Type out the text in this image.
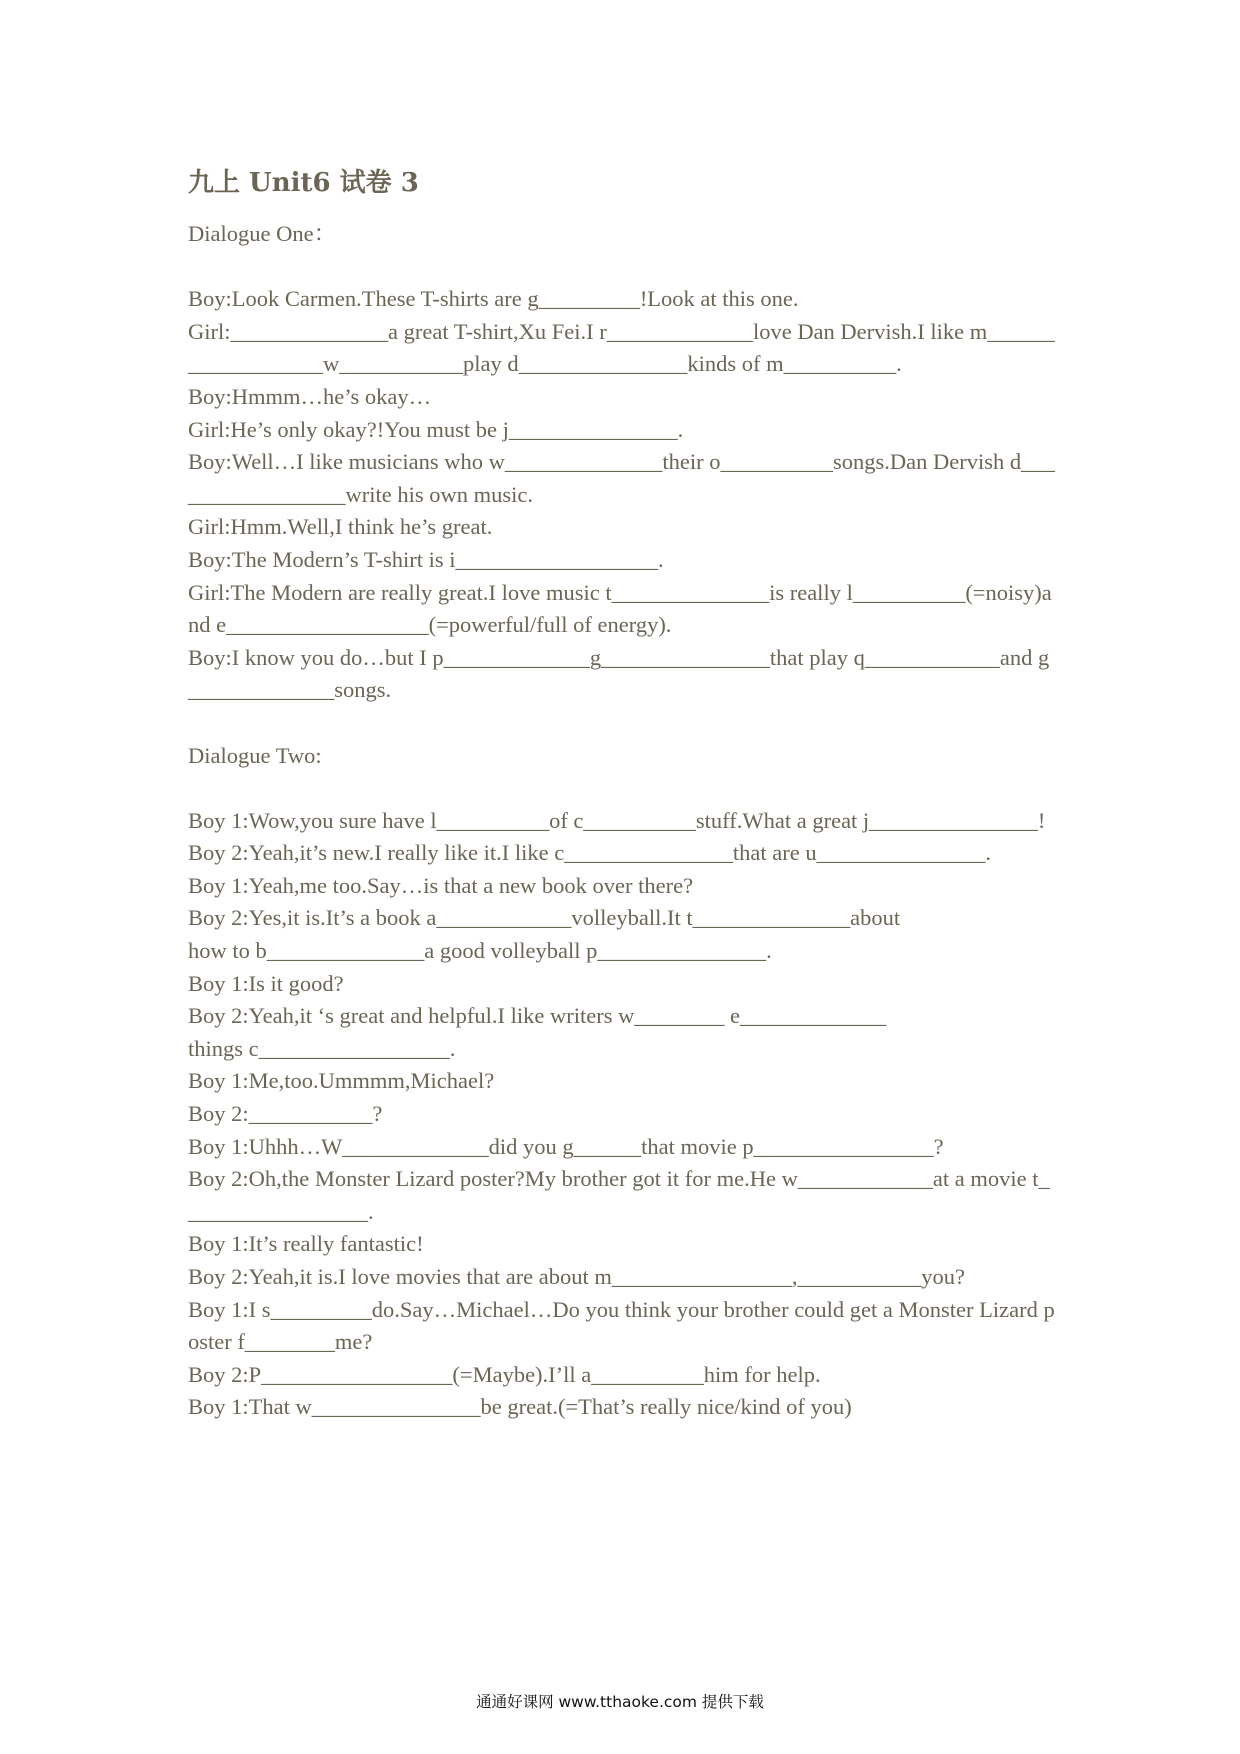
九上 Unit6 试卷 3

Dialogue One：

Boy:Look Carmen.These T-shirts are g_________!Look at this one.

Girl:______________a great T-shirt,Xu Fei.I r_____________love Dan Dervish.I like m__________________w___________play d_______________kinds of m__________.

Boy:Hmmm…he’s okay…

Girl:He’s only okay?!You must be j_______________.

Boy:Well…I like musicians who w______________their o__________songs.Dan Dervish d_________________write his own music.

Girl:Hmm.Well,I think he’s great.

Boy:The Modern’s T-shirt is i__________________.

Girl:The Modern are really great.I love music t______________is really l__________(=noisy)and e__________________(=powerful/full of energy).

Boy:I know you do…but I p_____________g_______________that play q____________and g_____________songs.

Dialogue Two:

Boy 1:Wow,you sure have l__________of c__________stuff.What a great j_______________!

Boy 2:Yeah,it’s new.I really like it.I like c_______________that are u_______________.

Boy 1:Yeah,me too.Say…is that a new book over there?

Boy 2:Yes,it is.It’s a book a____________volleyball.It t______________about
how to b______________a good volleyball p_______________.

Boy 1:Is it good?

Boy 2:Yeah,it ‘s great and helpful.I like writers w________ e_____________
things c_________________.

Boy 1:Me,too.Ummmm,Michael?

Boy 2:___________?

Boy 1:Uhhh…W_____________did you g______that movie p________________?

Boy 2:Oh,the Monster Lizard poster?My brother got it for me.He w____________at a movie t_________________.

Boy 1:It’s really fantastic!

Boy 2:Yeah,it is.I love movies that are about m________________,___________you?

Boy 1:I s_________do.Say…Michael…Do you think your brother could get a Monster Lizard poster f________me?

Boy 2:P_________________(=Maybe).I’ll a__________him for help.

Boy 1:That w_______________be great.(=That’s really nice/kind of you)

通通好课网 www.tthaoke.com 提供下载
